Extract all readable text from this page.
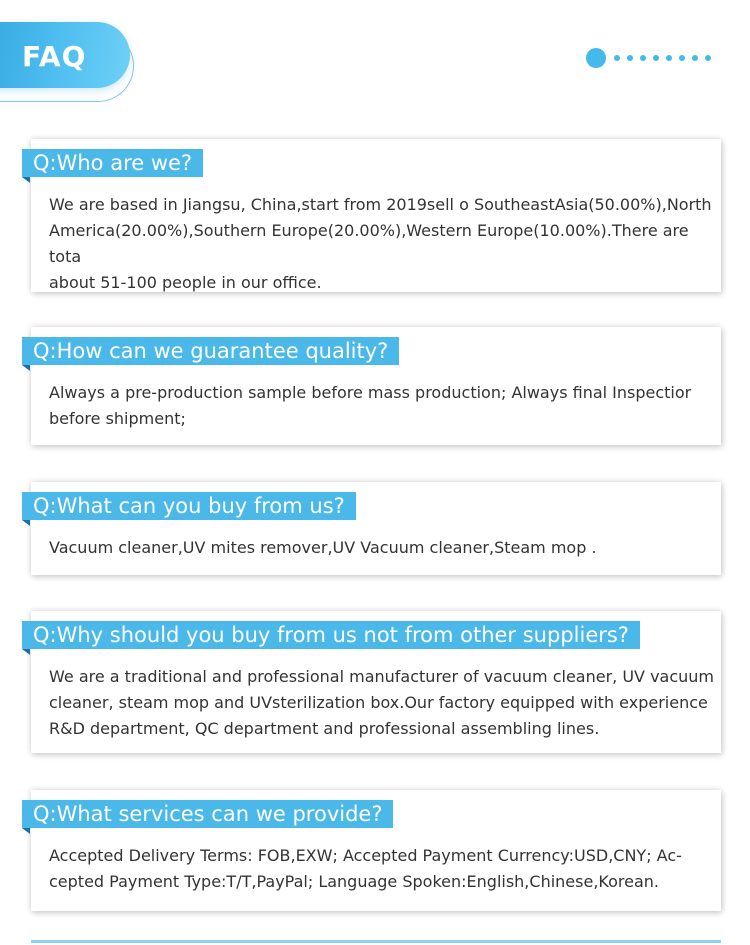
FAQ
Q:Who are we?
We are based in Jiangsu, China,start from 2019sell o SoutheastAsia(50.00%),North
America(20.00%),Southern Europe(20.00%),Western Europe(10.00%).There are tota
about 51-100 people in our office.
Q:How can we guarantee quality?
Always a pre-production sample before mass production; Always final Inspectior
before shipment;
Q:What can you buy from us?
Vacuum cleaner,UV mites remover,UV Vacuum cleaner,Steam mop .
Q:Why should you buy from us not from other suppliers?
We are a traditional and professional manufacturer of vacuum cleaner, UV vacuum
cleaner, steam mop and UVsterilization box.Our factory equipped with experience
R&D department, QC department and professional assembling lines.
Q:What services can we provide?
Accepted Delivery Terms: FOB,EXW; Accepted Payment Currency:USD,CNY; Ac-
cepted Payment Type:T/T,PayPal; Language Spoken:English,Chinese,Korean.
